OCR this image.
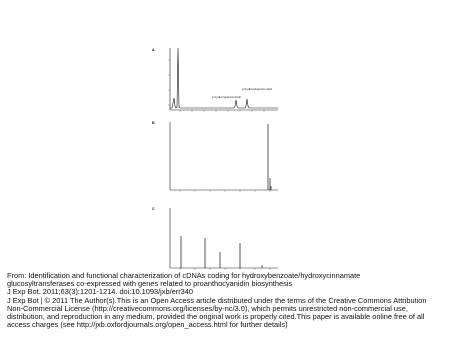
A
p-hydroxybenzoyl-Glc
p-hydroxybenzoic acid
B
C
From: Identification and functional characterization of cDNAs coding for hydroxybenzoate/hydroxycinnamate
glucosyltransferases co-expressed with genes related to proanthocyanidin biosynthesis
J Exp Bot. 2011;63(3):1201-1214. doi:10.1093/jxb/err340
J Exp Bot | © 2011 The Author(s).This is an Open Access article distributed under the terms of the Creative Commons Attribution
Non-Commercial License (http://creativecommons.org/licenses/by-nc/3.0), which permits unrestricted non-commercial use,
distribution, and reproduction in any medium, provided the original work is properly cited.This paper is available online free of all
access charges (see http://jxb.oxfordjournals.org/open_access.html for further details)
